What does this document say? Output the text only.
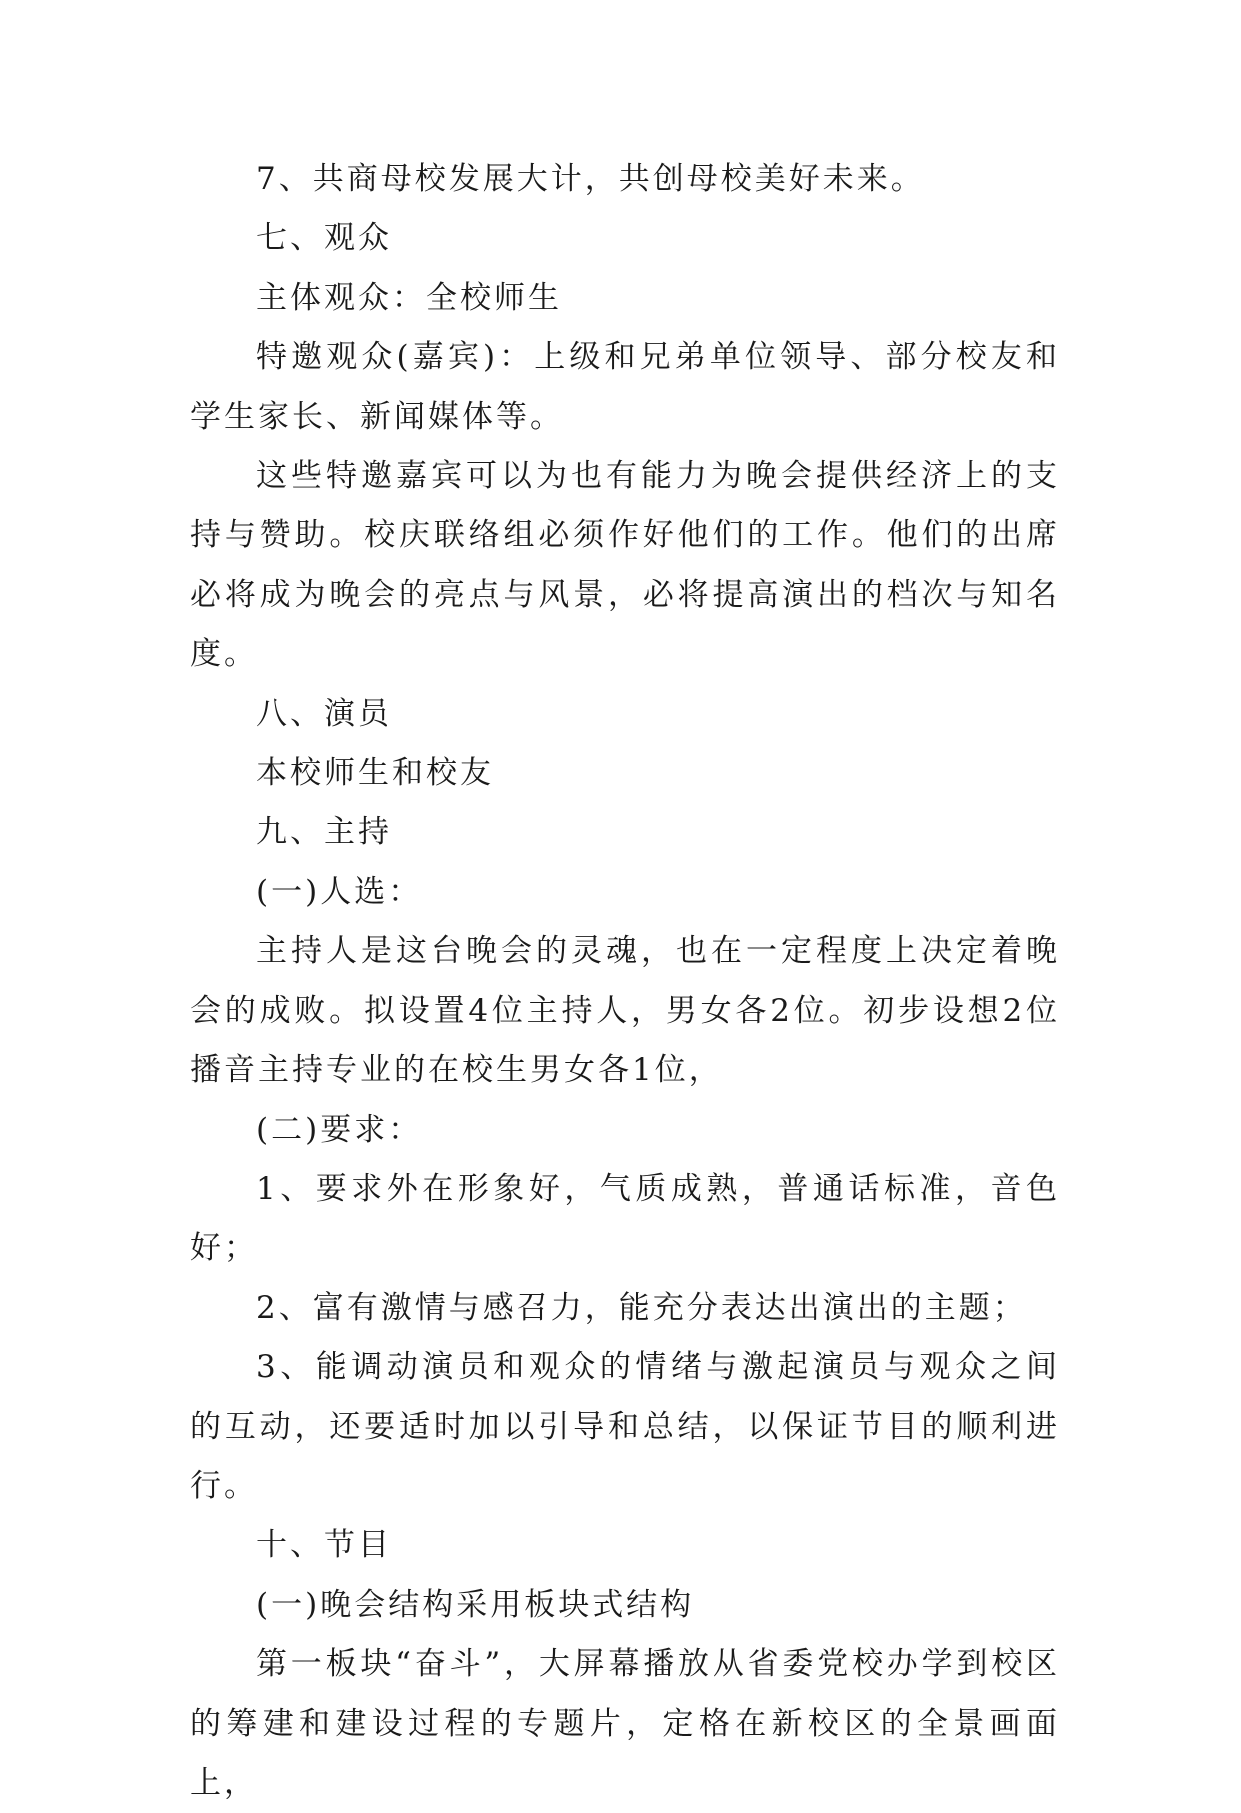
7、共商母校发展大计，共创母校美好未来。

七、观众

主体观众：全校师生

特邀观众(嘉宾)：上级和兄弟单位领导、部分校友和学生家长、新闻媒体等。

这些特邀嘉宾可以为也有能力为晚会提供经济上的支持与赞助。校庆联络组必须作好他们的工作。他们的出席必将成为晚会的亮点与风景，必将提高演出的档次与知名度。

八、演员

本校师生和校友

九、主持

(一)人选：

主持人是这台晚会的灵魂，也在一定程度上决定着晚会的成败。拟设置4位主持人，男女各2位。初步设想2位播音主持专业的在校生男女各1位，

(二)要求：

1、要求外在形象好，气质成熟，普通话标准，音色好；

2、富有激情与感召力，能充分表达出演出的主题；

3、能调动演员和观众的情绪与激起演员与观众之间的互动，还要适时加以引导和总结，以保证节目的顺利进行。

十、节目

(一)晚会结构采用板块式结构

第一板块“奋斗”，大屏幕播放从省委党校办学到校区的筹建和建设过程的专题片，定格在新校区的全景画面上，
